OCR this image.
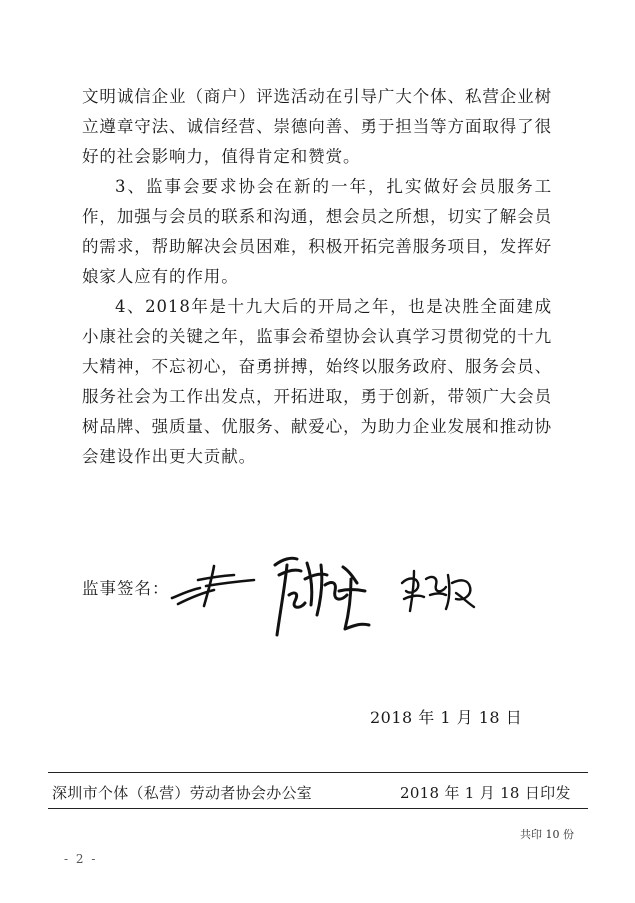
文明诚信企业（商户）评选活动在引导广大个体、私营企业树立遵章守法、诚信经营、崇德向善、勇于担当等方面取得了很好的社会影响力，值得肯定和赞赏。

3、监事会要求协会在新的一年，扎实做好会员服务工作，加强与会员的联系和沟通，想会员之所想，切实了解会员的需求，帮助解决会员困难，积极开拓完善服务项目，发挥好娘家人应有的作用。

4、2018年是十九大后的开局之年，也是决胜全面建成小康社会的关键之年，监事会希望协会认真学习贯彻党的十九大精神，不忘初心，奋勇拼搏，始终以服务政府、服务会员、服务社会为工作出发点，开拓进取，勇于创新，带领广大会员树品牌、强质量、优服务、献爱心，为助力企业发展和推动协会建设作出更大贡献。

监事签名：
2018 年 1 月 18 日
深圳市个体（私营）劳动者协会办公室	2018 年 1 月 18 日印发
共印 10 份
- 2 -
